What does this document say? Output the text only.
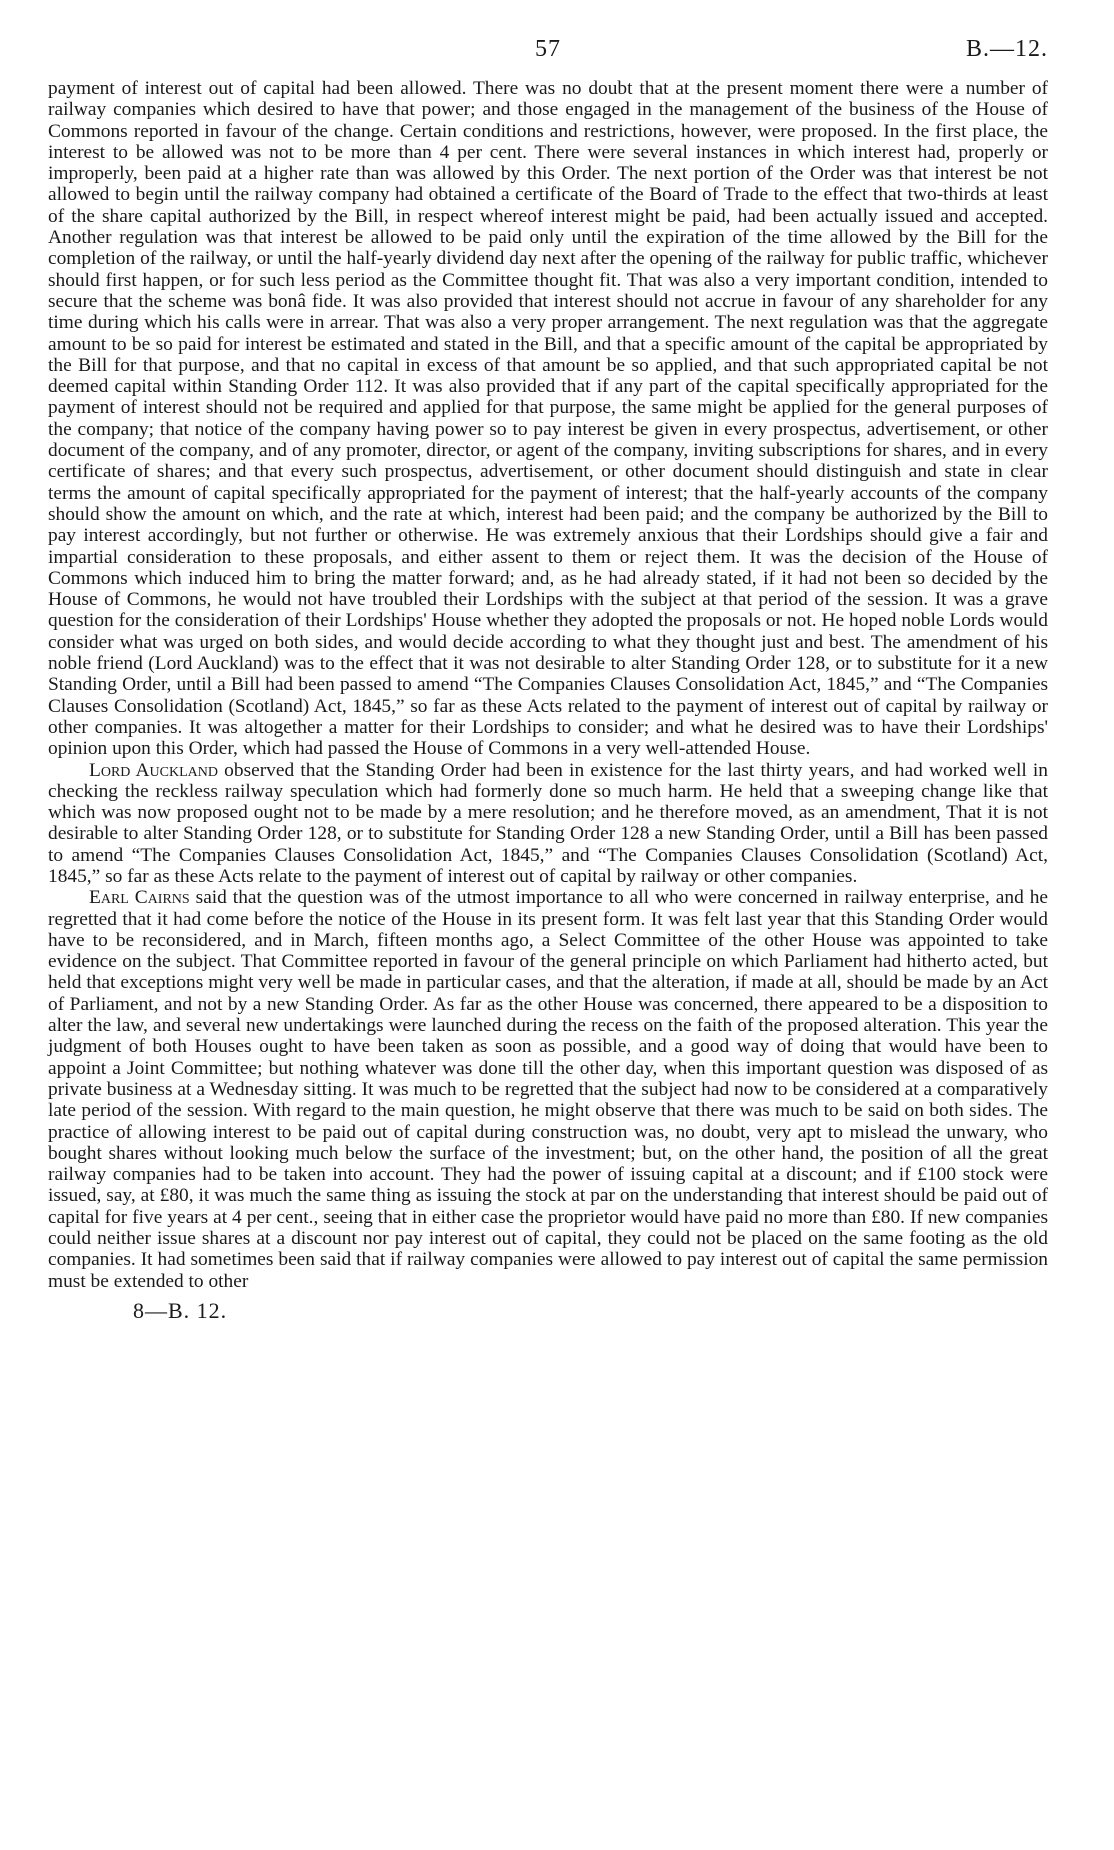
57	B.—12.

payment of interest out of capital had been allowed. There was no doubt that at the present moment there were a number of railway companies which desired to have that power; and those engaged in the management of the business of the House of Commons reported in favour of the change. Certain conditions and restrictions, however, were proposed. In the first place, the interest to be allowed was not to be more than 4 per cent. There were several instances in which interest had, properly or improperly, been paid at a higher rate than was allowed by this Order. The next portion of the Order was that interest be not allowed to begin until the railway company had obtained a certificate of the Board of Trade to the effect that two-thirds at least of the share capital authorized by the Bill, in respect whereof interest might be paid, had been actually issued and accepted. Another regulation was that interest be allowed to be paid only until the expiration of the time allowed by the Bill for the completion of the railway, or until the half-yearly dividend day next after the opening of the railway for public traffic, whichever should first happen, or for such less period as the Committee thought fit. That was also a very important condition, intended to secure that the scheme was bonâ fide. It was also provided that interest should not accrue in favour of any shareholder for any time during which his calls were in arrear. That was also a very proper arrangement. The next regulation was that the aggregate amount to be so paid for interest be estimated and stated in the Bill, and that a specific amount of the capital be appropriated by the Bill for that purpose, and that no capital in excess of that amount be so applied, and that such appropriated capital be not deemed capital within Standing Order 112. It was also provided that if any part of the capital specifically appropriated for the payment of interest should not be required and applied for that purpose, the same might be applied for the general purposes of the company; that notice of the company having power so to pay interest be given in every prospectus, advertisement, or other document of the company, and of any promoter, director, or agent of the company, inviting subscriptions for shares, and in every certificate of shares; and that every such prospectus, advertisement, or other document should distinguish and state in clear terms the amount of capital specifically appropriated for the payment of interest; that the half-yearly accounts of the company should show the amount on which, and the rate at which, interest had been paid; and the company be authorized by the Bill to pay interest accordingly, but not further or otherwise. He was extremely anxious that their Lordships should give a fair and impartial consideration to these proposals, and either assent to them or reject them. It was the decision of the House of Commons which induced him to bring the matter forward; and, as he had already stated, if it had not been so decided by the House of Commons, he would not have troubled their Lordships with the subject at that period of the session. It was a grave question for the consideration of their Lordships' House whether they adopted the proposals or not. He hoped noble Lords would consider what was urged on both sides, and would decide according to what they thought just and best. The amendment of his noble friend (Lord Auckland) was to the effect that it was not desirable to alter Standing Order 128, or to substitute for it a new Standing Order, until a Bill had been passed to amend “The Companies Clauses Consolidation Act, 1845,” and “The Companies Clauses Consolidation (Scotland) Act, 1845,” so far as these Acts related to the payment of interest out of capital by railway or other companies. It was altogether a matter for their Lordships to consider; and what he desired was to have their Lordships' opinion upon this Order, which had passed the House of Commons in a very well-attended House.

Lord Auckland observed that the Standing Order had been in existence for the last thirty years, and had worked well in checking the reckless railway speculation which had formerly done so much harm. He held that a sweeping change like that which was now proposed ought not to be made by a mere resolution; and he therefore moved, as an amendment, That it is not desirable to alter Standing Order 128, or to substitute for Standing Order 128 a new Standing Order, until a Bill has been passed to amend “The Companies Clauses Consolidation Act, 1845,” and “The Companies Clauses Consolidation (Scotland) Act, 1845,” so far as these Acts relate to the payment of interest out of capital by railway or other companies.

Earl Cairns said that the question was of the utmost importance to all who were concerned in railway enterprise, and he regretted that it had come before the notice of the House in its present form. It was felt last year that this Standing Order would have to be reconsidered, and in March, fifteen months ago, a Select Committee of the other House was appointed to take evidence on the subject. That Committee reported in favour of the general principle on which Parliament had hitherto acted, but held that exceptions might very well be made in particular cases, and that the alteration, if made at all, should be made by an Act of Parliament, and not by a new Standing Order. As far as the other House was concerned, there appeared to be a disposition to alter the law, and several new undertakings were launched during the recess on the faith of the proposed alteration. This year the judgment of both Houses ought to have been taken as soon as possible, and a good way of doing that would have been to appoint a Joint Committee; but nothing whatever was done till the other day, when this important question was disposed of as private business at a Wednesday sitting. It was much to be regretted that the subject had now to be considered at a comparatively late period of the session. With regard to the main question, he might observe that there was much to be said on both sides. The practice of allowing interest to be paid out of capital during construction was, no doubt, very apt to mislead the unwary, who bought shares without looking much below the surface of the investment; but, on the other hand, the position of all the great railway companies had to be taken into account. They had the power of issuing capital at a discount; and if £100 stock were issued, say, at £80, it was much the same thing as issuing the stock at par on the understanding that interest should be paid out of capital for five years at 4 per cent., seeing that in either case the proprietor would have paid no more than £80. If new companies could neither issue shares at a discount nor pay interest out of capital, they could not be placed on the same footing as the old companies. It had sometimes been said that if railway companies were allowed to pay interest out of capital the same permission must be extended to other

8—B. 12.
